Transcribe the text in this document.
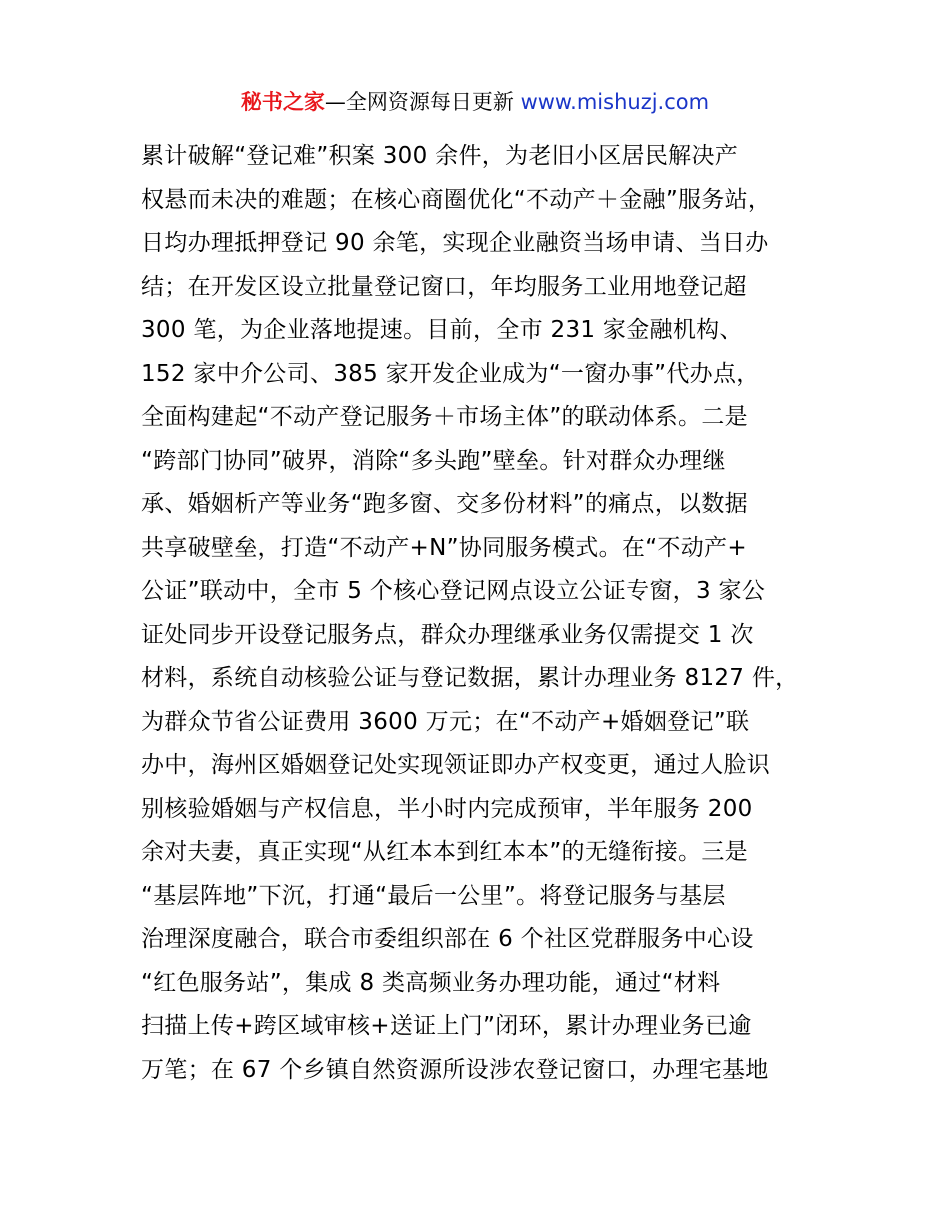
秘书之家—全网资源每日更新 www.mishuzj.com
累计破解“登记难”积案 300 余件，为老旧小区居民解决产
权悬而未决的难题；在核心商圈优化“不动产＋金融”服务站，
日均办理抵押登记 90 余笔，实现企业融资当场申请、当日办
结；在开发区设立批量登记窗口，年均服务工业用地登记超
300 笔，为企业落地提速。目前，全市 231 家金融机构、
152 家中介公司、385 家开发企业成为“一窗办事”代办点，
全面构建起“不动产登记服务＋市场主体”的联动体系。二是
“跨部门协同”破界，消除“多头跑”壁垒。针对群众办理继
承、婚姻析产等业务“跑多窗、交多份材料”的痛点，以数据
共享破壁垒，打造“不动产+N”协同服务模式。在“不动产+
公证”联动中，全市 5 个核心登记网点设立公证专窗，3 家公
证处同步开设登记服务点，群众办理继承业务仅需提交 1 次
材料，系统自动核验公证与登记数据，累计办理业务 8127 件，
为群众节省公证费用 3600 万元；在“不动产+婚姻登记”联
办中，海州区婚姻登记处实现领证即办产权变更，通过人脸识
别核验婚姻与产权信息，半小时内完成预审，半年服务 200
余对夫妻，真正实现“从红本本到红本本”的无缝衔接。三是
“基层阵地”下沉，打通“最后一公里”。将登记服务与基层
治理深度融合，联合市委组织部在 6 个社区党群服务中心设
“红色服务站”，集成 8 类高频业务办理功能，通过“材料
扫描上传+跨区域审核+送证上门”闭环，累计办理业务已逾
万笔；在 67 个乡镇自然资源所设涉农登记窗口，办理宅基地
